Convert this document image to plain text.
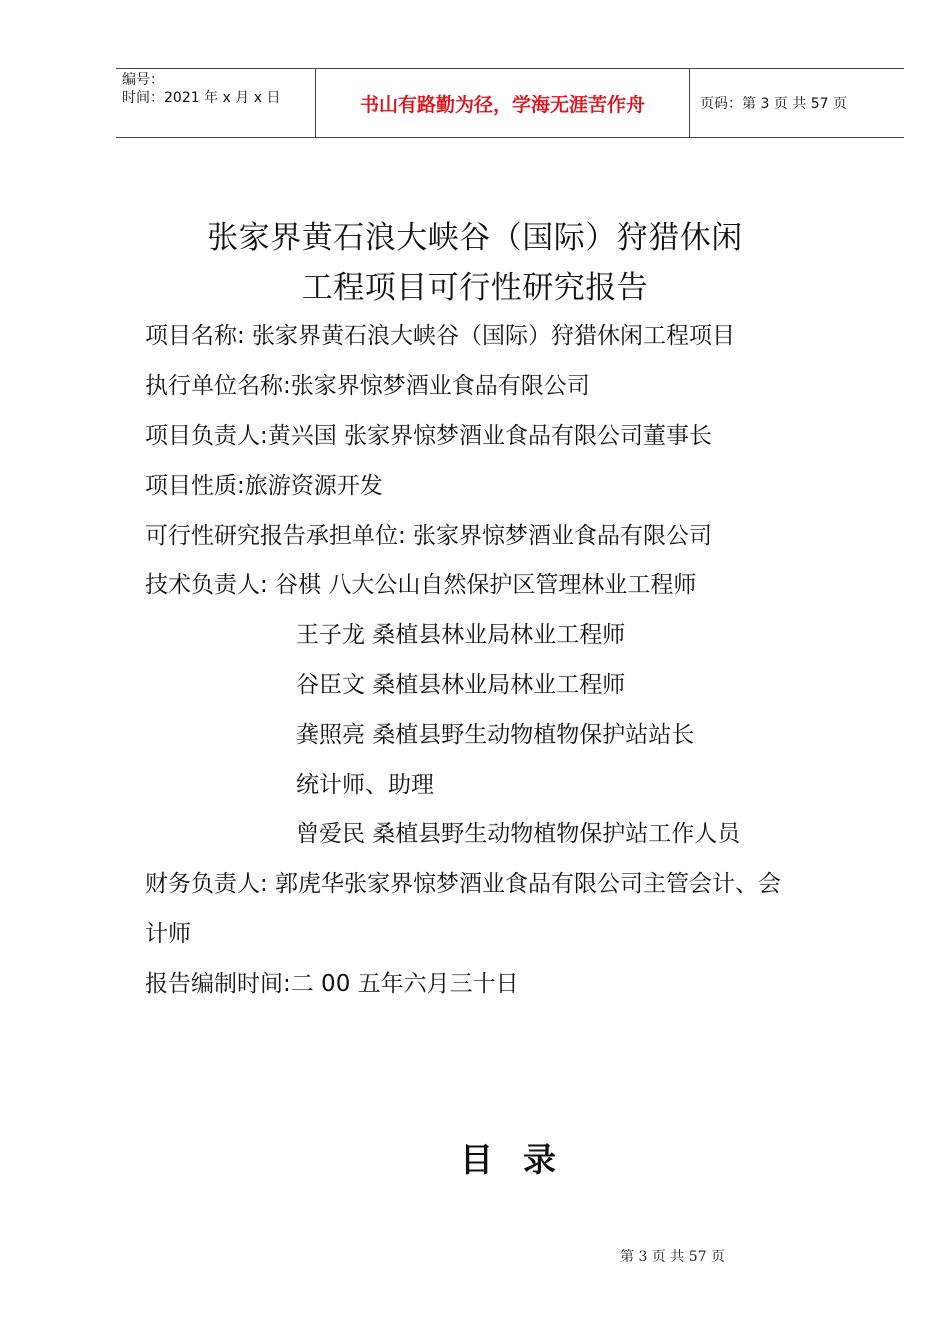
编号：
时间：2021 年 x 月 x 日	书山有路勤为径，学海无涯苦作舟	页码：第 3 页 共 57 页
张家界黄石浪大峡谷（国际）狩猎休闲
工程项目可行性研究报告
项目名称: 张家界黄石浪大峡谷（国际）狩猎休闲工程项目
执行单位名称:张家界惊梦酒业食品有限公司
项目负责人:黄兴国 张家界惊梦酒业食品有限公司董事长
项目性质:旅游资源开发
可行性研究报告承担单位: 张家界惊梦酒业食品有限公司
技术负责人: 谷棋 八大公山自然保护区管理林业工程师
王子龙 桑植县林业局林业工程师
谷臣文 桑植县林业局林业工程师
龚照亮 桑植县野生动物植物保护站站长
统计师、助理
曾爱民 桑植县野生动物植物保护站工作人员
财务负责人: 郭虎华张家界惊梦酒业食品有限公司主管会计、会
计师
报告编制时间:二 00 五年六月三十日
目录
第 3 页 共 57 页
